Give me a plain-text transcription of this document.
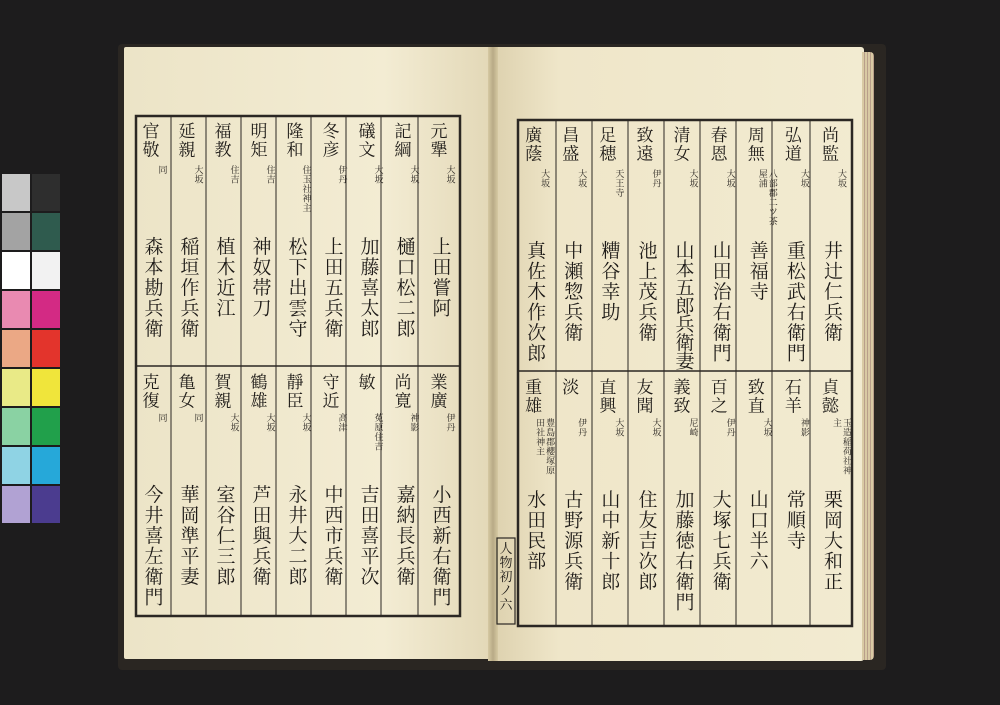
元犟
大坂
上田嘗阿
業廣
伊丹
小西新右衛門
記綱
大坂
樋口松二郎
尚寛
神影
嘉納長兵衛
礒文
大坂
加藤喜太郎
敏
菟原住吉
吉田喜平次
冬彦
伊丹
上田五兵衛
守近
高津
中西市兵衛
隆和
住玉社神主
松下出雲守
靜臣
大坂
永井大二郎
明矩
住吉
神奴帯刀
鶴雄
大坂
芦田與兵衛
福教
住吉
植木近江
賀親
大坂
室谷仁三郎
延親
大坂
稲垣作兵衛
亀女
同
華岡準平妻
官敬
同
森本勘兵衛
克復
同
今井喜左衛門
尚監
大坂
井辻仁兵衛
貞懿
玉造稲荷社神主
栗岡大和正
弘道
大坂
重松武右衛門
石羊
神影
常順寺
周無
八部郡二ツ茶屋浦
善福寺
致直
大坂
山口半六
春恩
大坂
山田治右衛門
百之
伊丹
大塚七兵衛
清女
大坂
山本五郎兵衛妻
義致
尼崎
加藤徳右衛門
致遠
伊丹
池上茂兵衛
友聞
大坂
住友吉次郎
足穂
天王寺
糟谷幸助
直興
大坂
山中新十郎
昌盛
大坂
中瀬惣兵衛
淡
伊丹
古野源兵衛
廣蔭
大坂
真佐木作次郎
重雄
豊島郡櫻塚原田社神主
水田民部
人物初ノ六
